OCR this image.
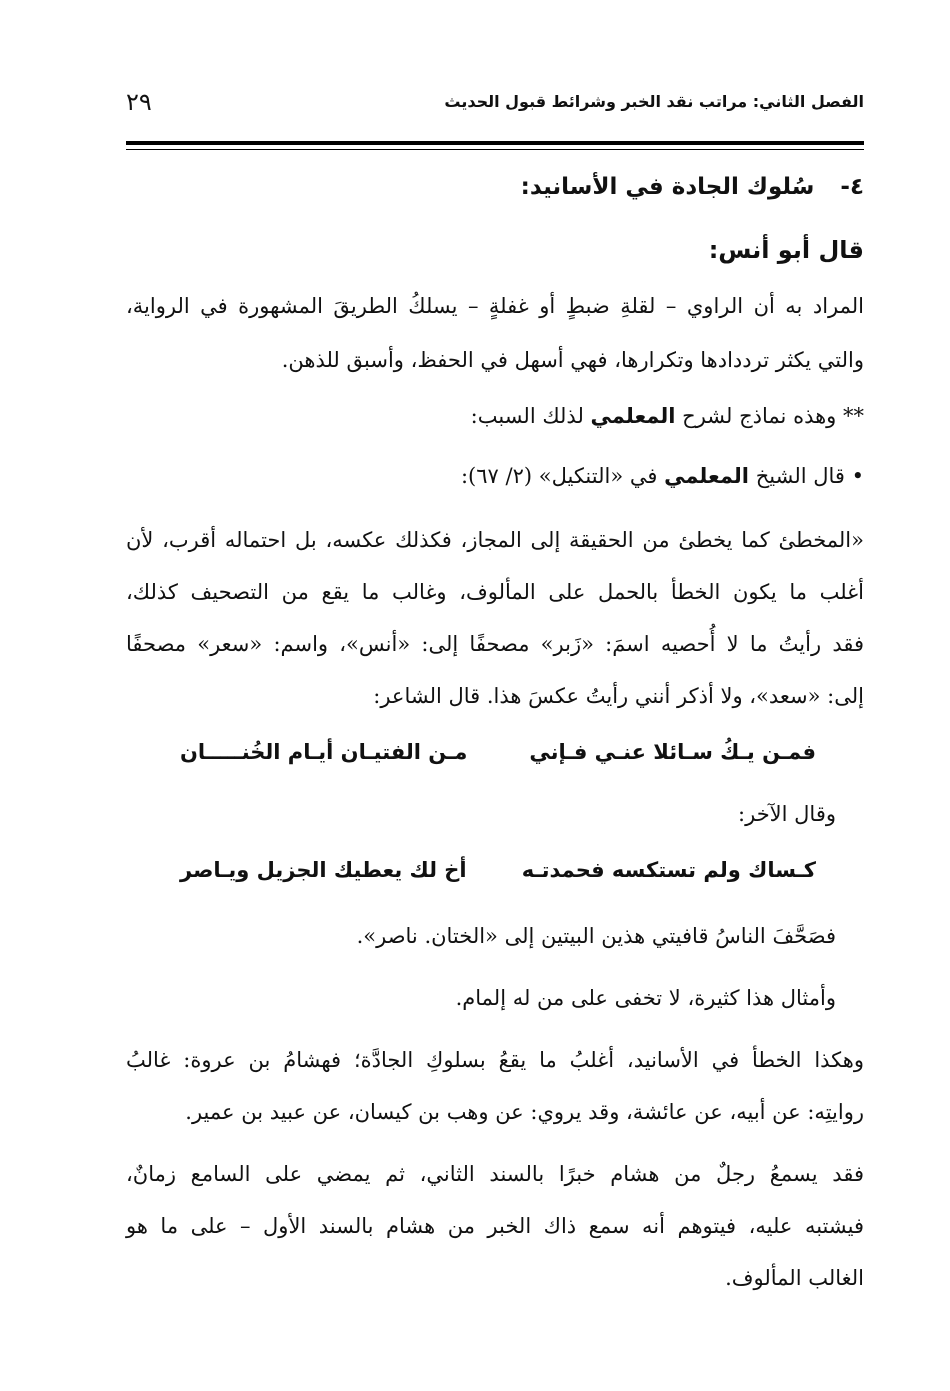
الفصل الثاني: مراتب نقد الخبر وشرائط قبول الحديث
٢٩
٤-  سُلوك الجادة في الأسانيد:
قال أبو أنس:
المراد به أن الراوي – لقلةِ ضبطٍ أو غفلةٍ – يسلكُ الطريقَ المشهورة في الرواية،
والتي يكثر ترددادها وتكرارها، فهي أسهل في الحفظ، وأسبق للذهن.
** وهذه نماذج لشرح المعلمي لذلك السبب:
• قال الشيخ المعلمي في «التنكيل» (٢/ ٦٧):
«المخطئ كما يخطئ من الحقيقة إلى المجاز، فكذلك عكسه، بل احتماله أقرب، لأن
أغلب ما يكون الخطأ بالحمل على المألوف، وغالب ما يقع من التصحيف كذلك،
فقد رأيتُ ما لا أُحصيه اسمَ: «زَبر» مصحفًا إلى: «أنس»، واسم: «سعر» مصحفًا
إلى: «سعد»، ولا أذكر أنني رأيتُ عكسَ هذا. قال الشاعر:
فمـن يـكُ سـائلا عنـي فـإني
مـن الفتيـان أيـام الخُنـــــان
وقال الآخر:
كـساك ولم تستكسه فحمدتـه
أخ لك يعطيك الجزيل ويـاصر
فصَحَّفَ الناسُ قافيتي هذين البيتين إلى «الختان. ناصر».
وأمثال هذا كثيرة، لا تخفى على من له إلمام.
وهكذا الخطأ في الأسانيد، أغلبُ ما يقعُ بسلوكِ الجادَّة؛ فهشامُ بن عروة: غالبُ
روايتِه: عن أبيه، عن عائشة، وقد يروي: عن وهب بن كيسان، عن عبيد بن عمير.
فقد يسمعُ رجلٌ من هشام خبرًا بالسند الثاني، ثم يمضي على السامع زمانٌ،
فيشتبه عليه، فيتوهم أنه سمع ذاك الخبر من هشام بالسند الأول – على ما هو
الغالب المألوف.
